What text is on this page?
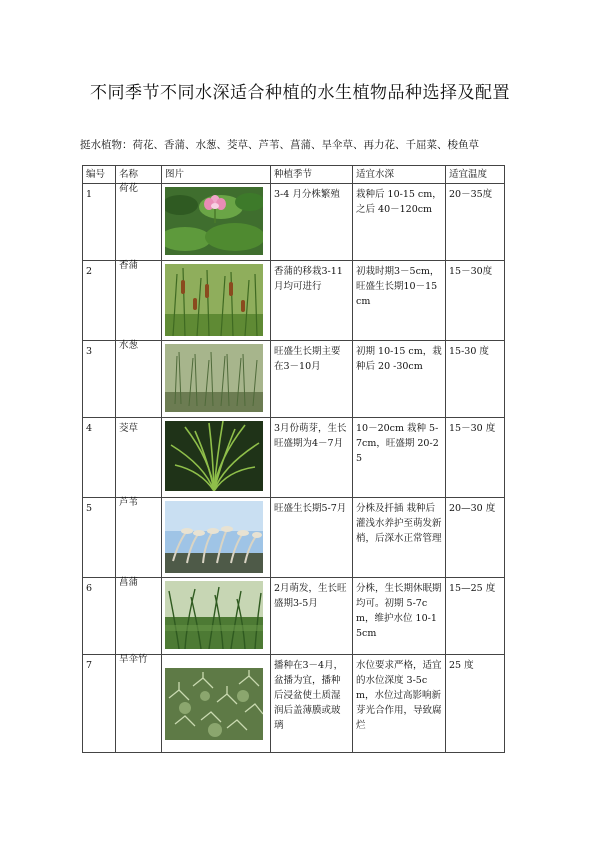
不同季节不同水深适合种植的水生植物品种选择及配置
挺水植物：荷花、香蒲、水葱、茭草、芦苇、菖蒲、旱伞草、再力花、千屈菜、梭鱼草
编号	名称	图片	种植季节	适宜水深	适宜温度
1	荷花		3-4 月分株繁殖	栽种后 10-15 cm，之后 40－120cm	20－35度
2	香蒲		香蒲的移栽3-11 月均可进行	初栽时期3－5cm，旺盛生长期10－15cm	15－30度
3	水葱		旺盛生长期主要在3－10月	初期 10-15 cm，栽种后 20 -30cm	15-30 度
4	茭草		3月份萌芽，生长旺盛期为4－7月	10－20cm 栽种 5-7cm，旺盛期 20-25	15－30 度
5	芦苇		旺盛生长期5-7月	分株及扦插 栽种后灌浅水养护至萌发新梢，后深水正常管理	20—30 度
6	菖蒲		2月萌发，生长旺盛期3-5月	分株，生长期休眠期均可。初期 5-7cm，维护水位 10-15cm	15—25 度
7	旱伞竹		播种在3－4月，盆播为宜，播种后浸盆使土质湿润后盖薄膜或玻璃	水位要求严格，适宜的水位深度 3-5cm，水位过高影响新芽光合作用，导致腐烂	25 度
